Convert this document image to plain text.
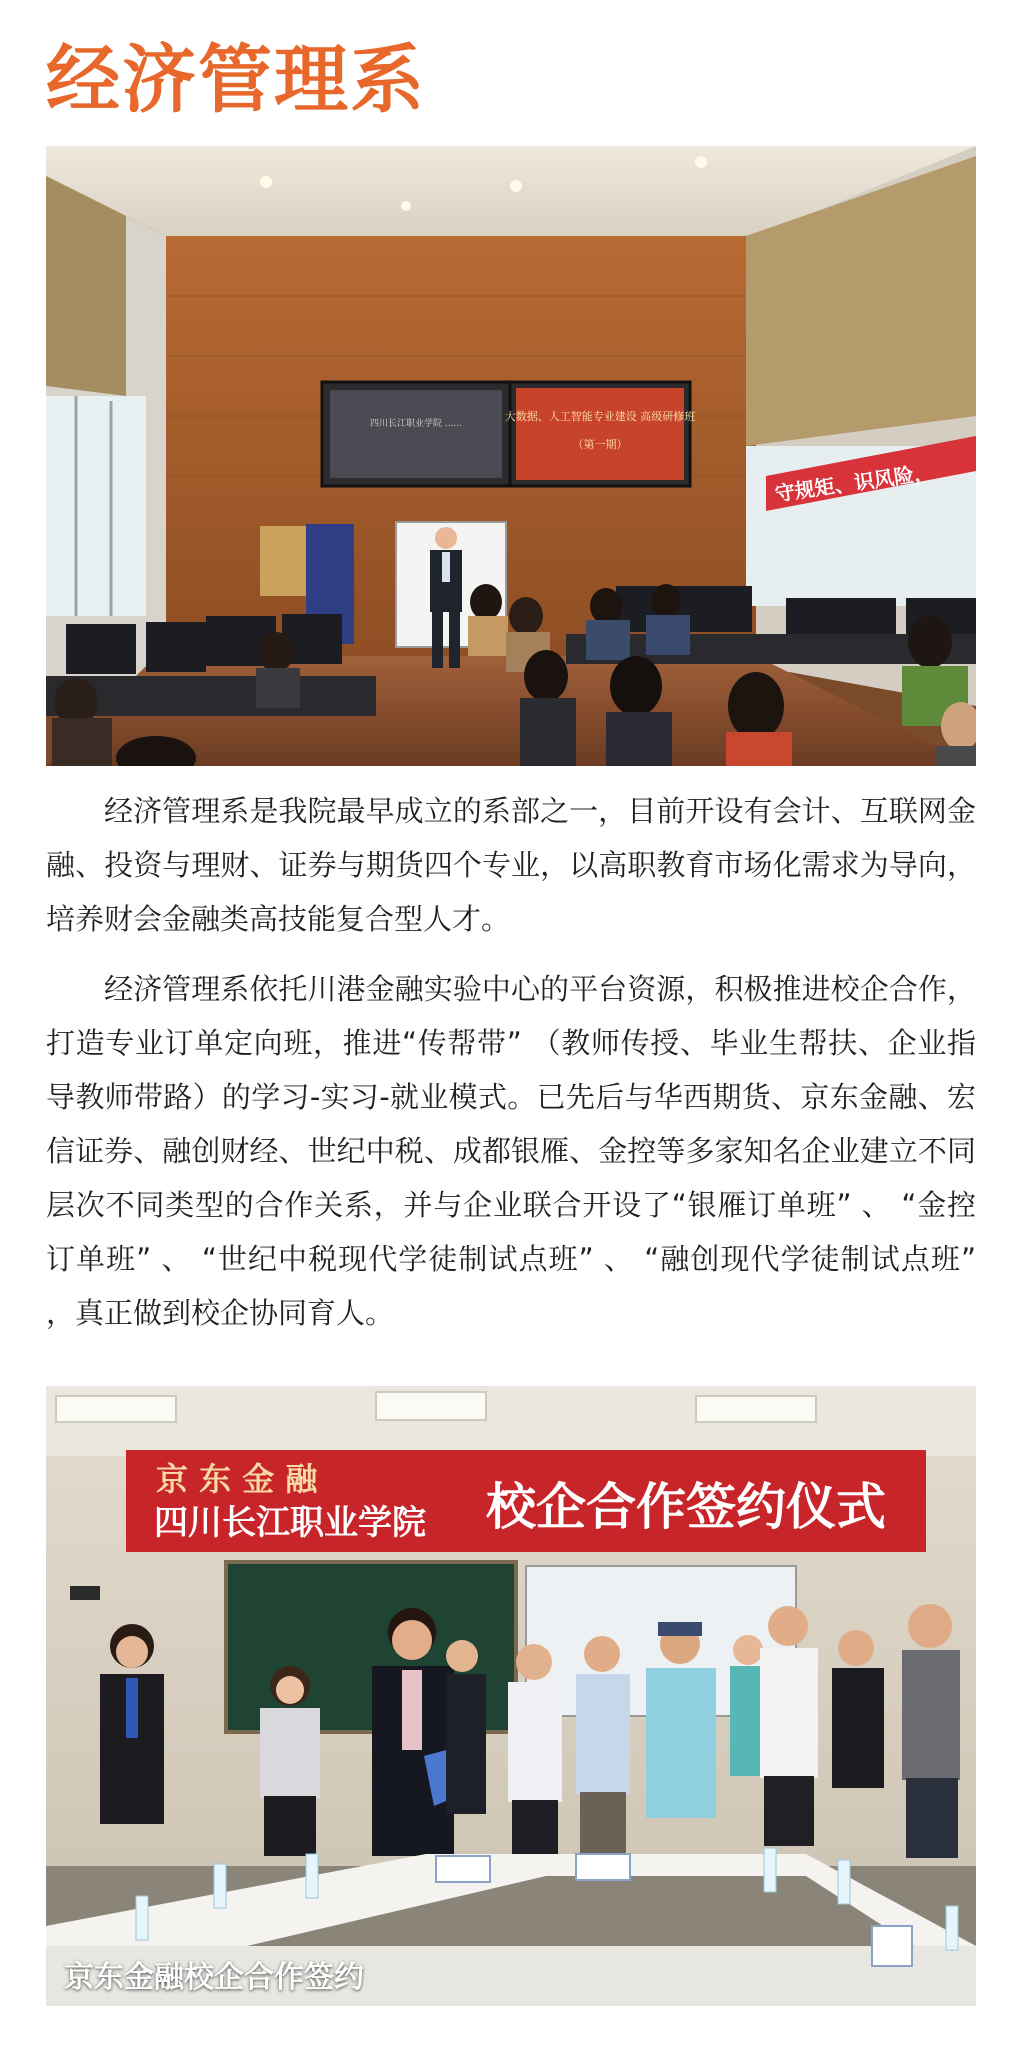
经济管理系
守规矩、识风险，
四川长江职业学院 ......
大数据、人工智能专业建设 高级研修班
（第一期）

经济管理系是我院最早成立的系部之一，目前开设有会计、互联网金融、投资与理财、证券与期货四个专业，以高职教育市场化需求为导向，培养财会金融类高技能复合型人才。

经济管理系依托川港金融实验中心的平台资源，积极推进校企合作，打造专业订单定向班，推进“传帮带” （教师传授、毕业生帮扶、企业指导教师带路）的学习-实习-就业模式。已先后与华西期货、京东金融、宏信证券、融创财经、世纪中税、成都银雁、金控等多家知名企业建立不同层次不同类型的合作关系，并与企业联合开设了“银雁订单班” 、 “金控订单班” 、 “世纪中税现代学徒制试点班” 、 “融创现代学徒制试点班” ，真正做到校企协同育人。

京 东 金 融
四川长江职业学院 校企合作签约仪式

京东金融校企合作签约
